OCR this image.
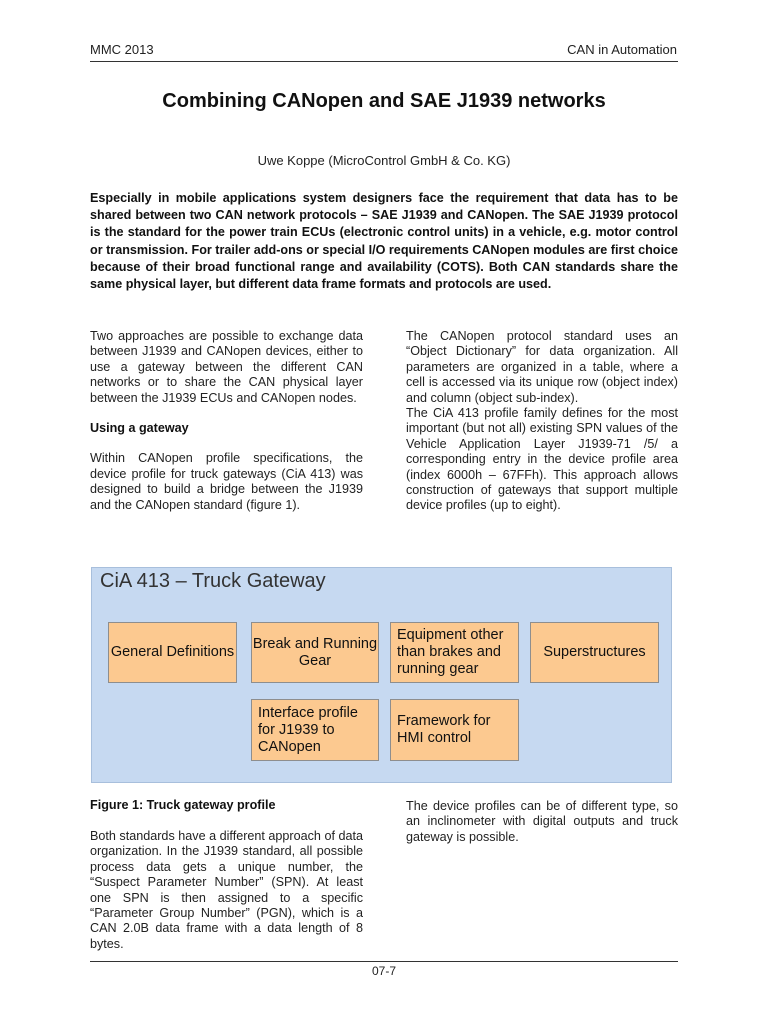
MMC 2013	CAN in Automation
Combining CANopen and SAE J1939 networks
Uwe Koppe (MicroControl GmbH & Co. KG)
Especially in mobile applications system designers face the requirement that data has to be shared between two CAN network protocols – SAE J1939 and CANopen. The SAE J1939 protocol is the standard for the power train ECUs (electronic control units) in a vehicle, e.g. motor control or transmission. For trailer add-ons or special I/O requirements CANopen modules are first choice because of their broad functional range and availability (COTS). Both CAN standards share the same physical layer, but different data frame formats and protocols are used.

Two approaches are possible to exchange data between J1939 and CANopen devices, either to use a gateway between the different CAN networks or to share the CAN physical layer between the J1939 ECUs and CANopen nodes.

Using a gateway

Within CANopen profile specifications, the device profile for truck gateways (CiA 413) was designed to build a bridge between the J1939 and the CANopen standard (figure 1).

The CANopen protocol standard uses an “Object Dictionary” for data organization. All parameters are organized in a table, where a cell is accessed via its unique row (object index) and column (object sub-index).

The CiA 413 profile family defines for the most important (but not all) existing SPN values of the Vehicle Application Layer J1939-71 /5/ a corresponding entry in the device profile area (index 6000h – 67FFh). This approach allows construction of gateways that support multiple device profiles (up to eight).

CiA 413 – Truck Gateway
General Definitions
Break and Running Gear
Equipment other than brakes and running gear
Superstructures
Interface profile for J1939 to CANopen
Framework for HMI control
Figure 1: Truck gateway profile
Both standards have a different approach of data organization. In the J1939 standard, all possible process data gets a unique number, the “Suspect Parameter Number” (SPN). At least one SPN is then assigned to a specific “Parameter Group Number” (PGN), which is a CAN 2.0B data frame with a data length of 8 bytes.
The device profiles can be of different type, so an inclinometer with digital outputs and truck gateway is possible.
07-7
